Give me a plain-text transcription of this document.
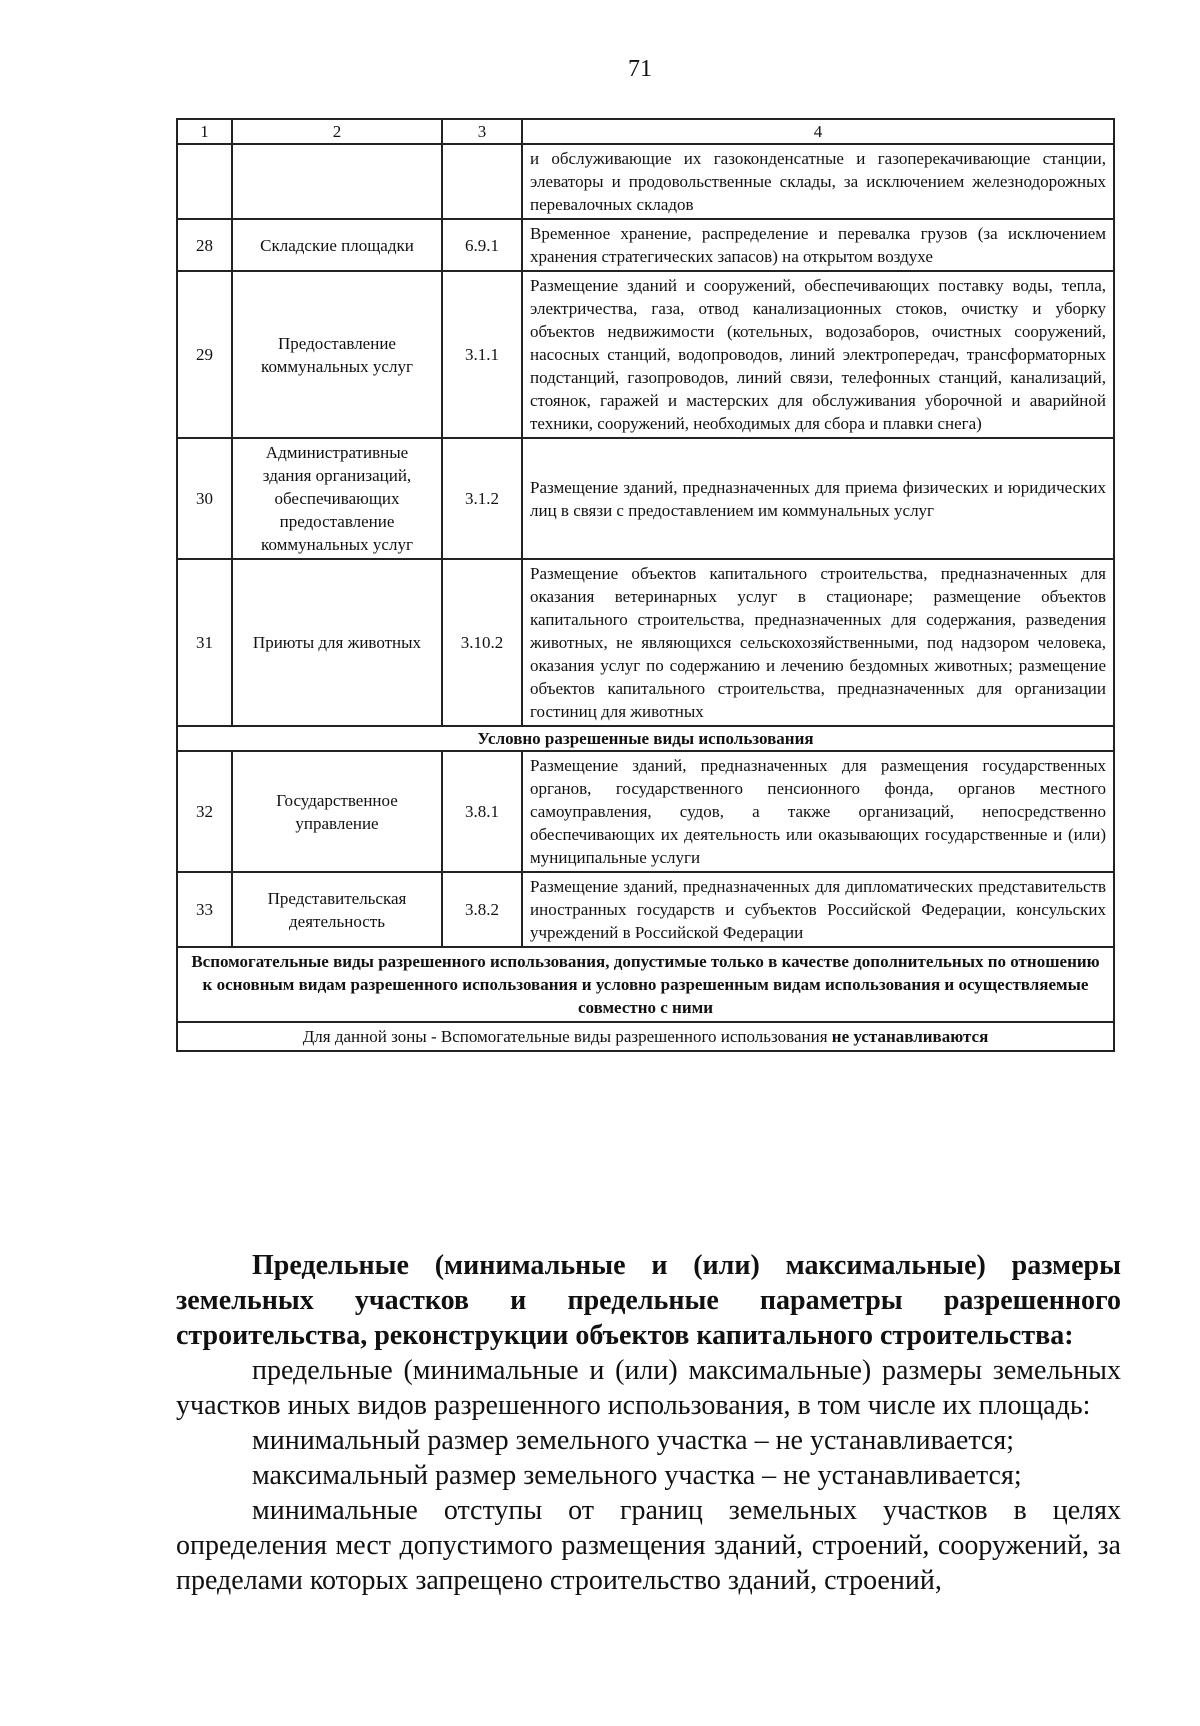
71
1	2	3	4
			и обслуживающие их газоконденсатные и газоперекачивающие станции, элеваторы и продовольственные склады, за исключением железнодорожных перевалочных складов
28	Складские площадки	6.9.1	Временное хранение, распределение и перевалка грузов (за исключением хранения стратегических запасов) на открытом воздухе
29	Предоставление коммунальных услуг	3.1.1	Размещение зданий и сооружений, обеспечивающих поставку воды, тепла, электричества, газа, отвод канализационных стоков, очистку и уборку объектов недвижимости (котельных, водозаборов, очистных сооружений, насосных станций, водопроводов, линий электропередач, трансформаторных подстанций, газопроводов, линий связи, телефонных станций, канализаций, стоянок, гаражей и мастерских для обслуживания уборочной и аварийной техники, сооружений, необходимых для сбора и плавки снега)
30	Административные здания организаций, обеспечивающих предоставление коммунальных услуг	3.1.2	Размещение зданий, предназначенных для приема физических и юридических лиц в связи с предоставлением им коммунальных услуг
31	Приюты для животных	3.10.2	Размещение объектов капитального строительства, предназначенных для оказания ветеринарных услуг в стационаре; размещение объектов капитального строительства, предназначенных для содержания, разведения животных, не являющихся сельскохозяйственными, под надзором человека, оказания услуг по содержанию и лечению бездомных животных; размещение объектов капитального строительства, предназначенных для организации гостиниц для животных
Условно разрешенные виды использования			
32	Государственное управление	3.8.1	Размещение зданий, предназначенных для размещения государственных органов, государственного пенсионного фонда, органов местного самоуправления, судов, а также организаций, непосредственно обеспечивающих их деятельность или оказывающих государственные и (или) муниципальные услуги
33	Представительская деятельность	3.8.2	Размещение зданий, предназначенных для дипломатических представительств иностранных государств и субъектов Российской Федерации, консульских учреждений в Российской Федерации
Вспомогательные виды разрешенного использования, допустимые только в качестве дополнительных по отношению к основным видам разрешенного использования и условно разрешенным видам использования и осуществляемые совместно с ними			
Для данной зоны - Вспомогательные виды разрешенного использования не устанавливаются			

Предельные (минимальные и (или) максимальные) размеры земельных участков и предельные параметры разрешенного строительства, реконструкции объектов капитального строительства:

предельные (минимальные и (или) максимальные) размеры земельных участков иных видов разрешенного использования, в том числе их площадь:

минимальный размер земельного участка – не устанавливается;

максимальный размер земельного участка – не устанавливается;

минимальные отступы от границ земельных участков в целях определения мест допустимого размещения зданий, строений, сооружений, за пределами которых запрещено строительство зданий, строений,
